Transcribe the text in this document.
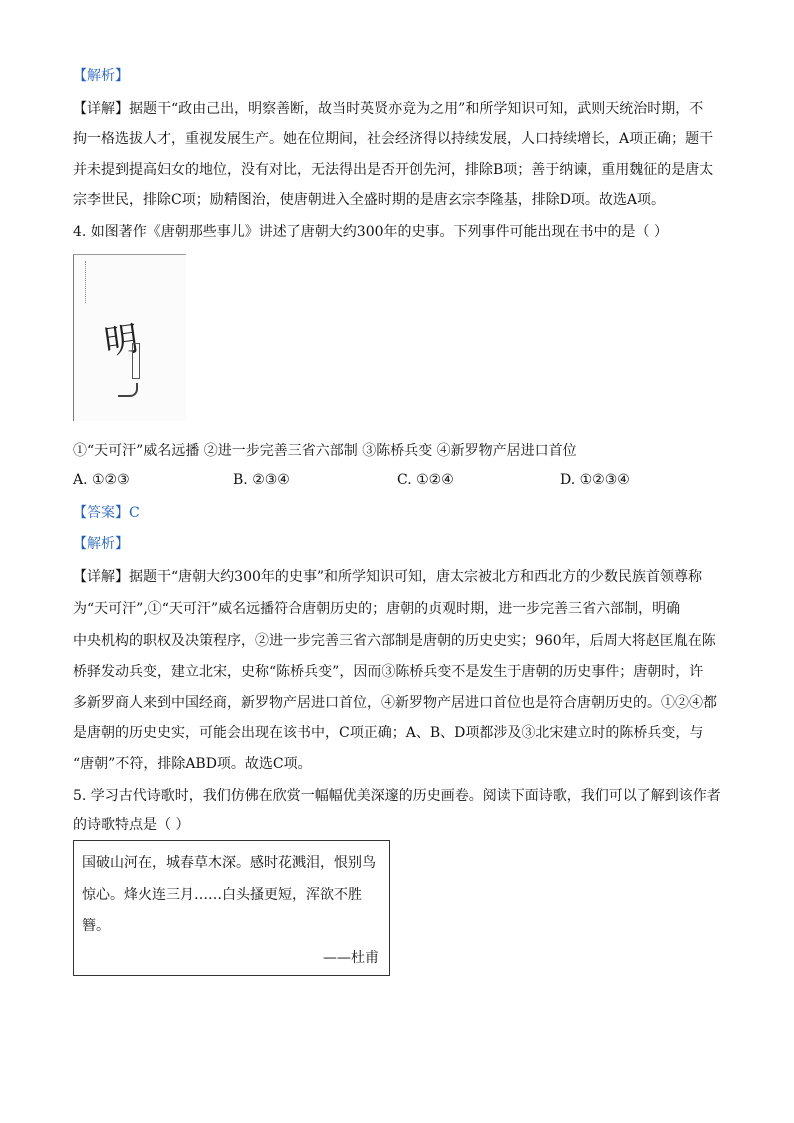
【解析】
【详解】据题干“政由己出，明察善断，故当时英贤亦竞为之用”和所学知识可知，武则天统治时期，不
拘一格选拔人才，重视发展生产。她在位期间，社会经济得以持续发展，人口持续增长，A项正确；题干
并未提到提高妇女的地位，没有对比，无法得出是否开创先河，排除B项；善于纳谏，重用魏征的是唐太
宗李世民，排除C项；励精图治，使唐朝进入全盛时期的是唐玄宗李隆基，排除D项。故选A项。
4. 如图著作《唐朝那些事儿》讲述了唐朝大约300年的史事。下列事件可能出现在书中的是（ ）
明
①“天可汗”威名远播 ②进一步完善三省六部制 ③陈桥兵变 ④新罗物产居进口首位
A. ①②③	B. ②③④	C. ①②④	D. ①②③④
【答案】C
【解析】
【详解】据题干“唐朝大约300年的史事”和所学知识可知，唐太宗被北方和西北方的少数民族首领尊称
为“天可汗”,①“天可汗”威名远播符合唐朝历史的；唐朝的贞观时期，进一步完善三省六部制，明确
中央机构的职权及决策程序，②进一步完善三省六部制是唐朝的历史史实；960年，后周大将赵匡胤在陈
桥驿发动兵变，建立北宋，史称“陈桥兵变”，因而③陈桥兵变不是发生于唐朝的历史事件；唐朝时，许
多新罗商人来到中国经商，新罗物产居进口首位，④新罗物产居进口首位也是符合唐朝历史的。①②④都
是唐朝的历史史实，可能会出现在该书中，C项正确；A、B、D项都涉及③北宋建立时的陈桥兵变，与
“唐朝”不符，排除ABD项。故选C项。
5. 学习古代诗歌时，我们仿佛在欣赏一幅幅优美深邃的历史画卷。阅读下面诗歌，我们可以了解到该作者
的诗歌特点是（ ）
国破山河在，城春草木深。感时花溅泪，恨别鸟
惊心。烽火连三月……白头搔更短，浑欲不胜
簪。
——杜甫
